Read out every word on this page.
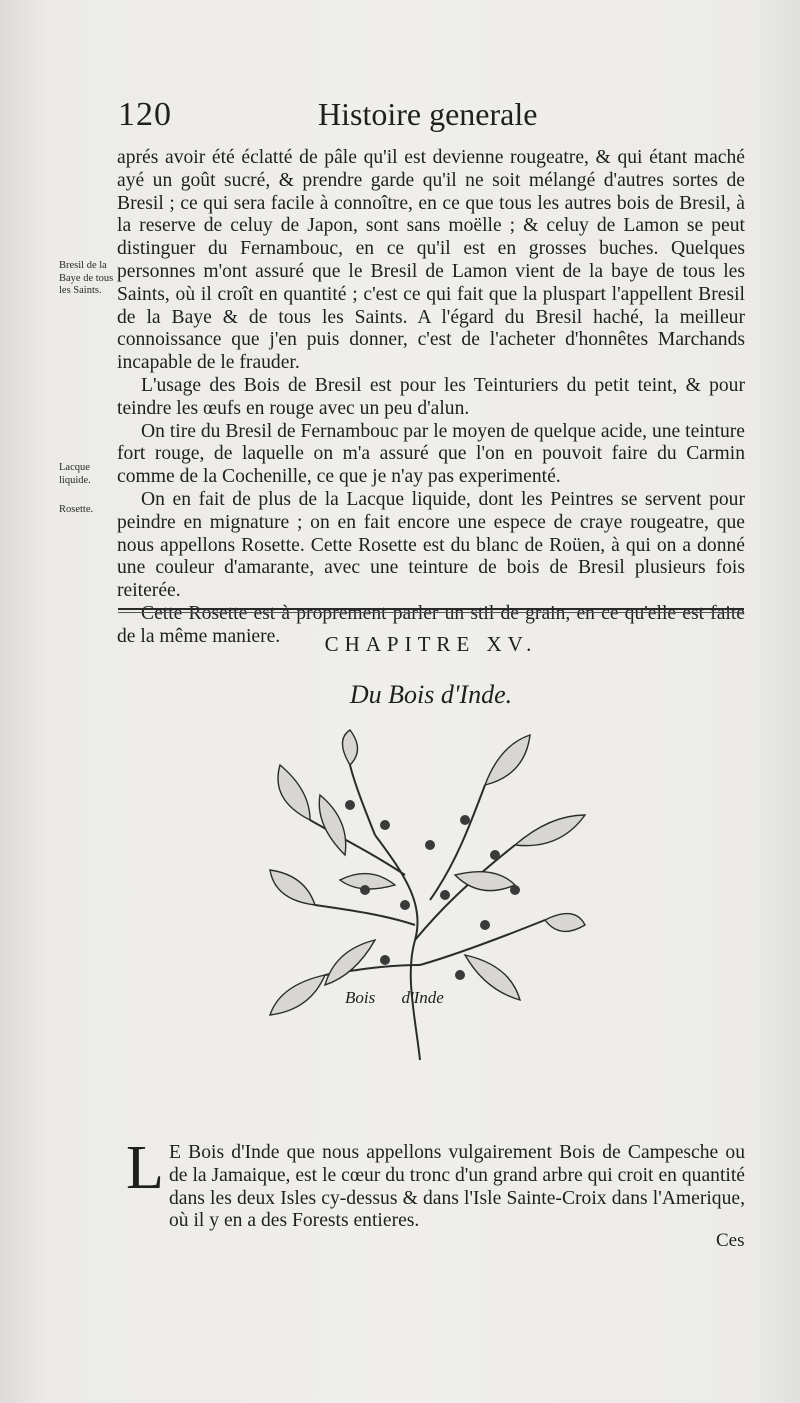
120	Histoire generale
Bresil de la Baye de tous les Saints.
Lacque liquide.
Rosette.

aprés avoir été éclatté de pâle qu'il est devienne rougeatre, & qui étant maché ayé un goût sucré, & prendre garde qu'il ne soit mélangé d'autres sortes de Bresil ; ce qui sera facile à connoître, en ce que tous les autres bois de Bresil, à la reserve de celuy de Japon, sont sans moëlle ; & celuy de Lamon se peut distinguer du Fernambouc, en ce qu'il est en grosses buches. Quelques personnes m'ont assuré que le Bresil de Lamon vient de la baye de tous les Saints, où il croît en quantité ; c'est ce qui fait que la pluspart l'appellent Bresil de la Baye & de tous les Saints. A l'égard du Bresil haché, la meilleur connoissance que j'en puis donner, c'est de l'acheter d'honnêtes Marchands incapable de le frauder.

L'usage des Bois de Bresil est pour les Teinturiers du petit teint, & pour teindre les œufs en rouge avec un peu d'alun.

On tire du Bresil de Fernambouc par le moyen de quelque acide, une teinture fort rouge, de laquelle on m'a assuré que l'on en pouvoit faire du Carmin comme de la Cochenille, ce que je n'ay pas experimenté.

On en fait de plus de la Lacque liquide, dont les Peintres se servent pour peindre en mignature ; on en fait encore une espece de craye rougeatre, que nous appellons Rosette. Cette Rosette est du blanc de Roüen, à qui on a donné une couleur d'amarante, avec une teinture de bois de Bresil plusieurs fois reiterée.

Cette Rosette est à proprement parler un stil de grain, en ce qu'elle est faite de la même maniere.	CHAPITRE XV.
Du Bois d'Inde.
Bois d'Inde
L E Bois d'Inde que nous appellons vulgairement Bois de Campesche ou de la Jamaique, est le cœur du tronc d'un grand arbre qui croit en quantité dans les deux Isles cy-dessus & dans l'Isle Sainte-Croix dans l'Amerique, où il y en a des Forests entieres.
Ces
